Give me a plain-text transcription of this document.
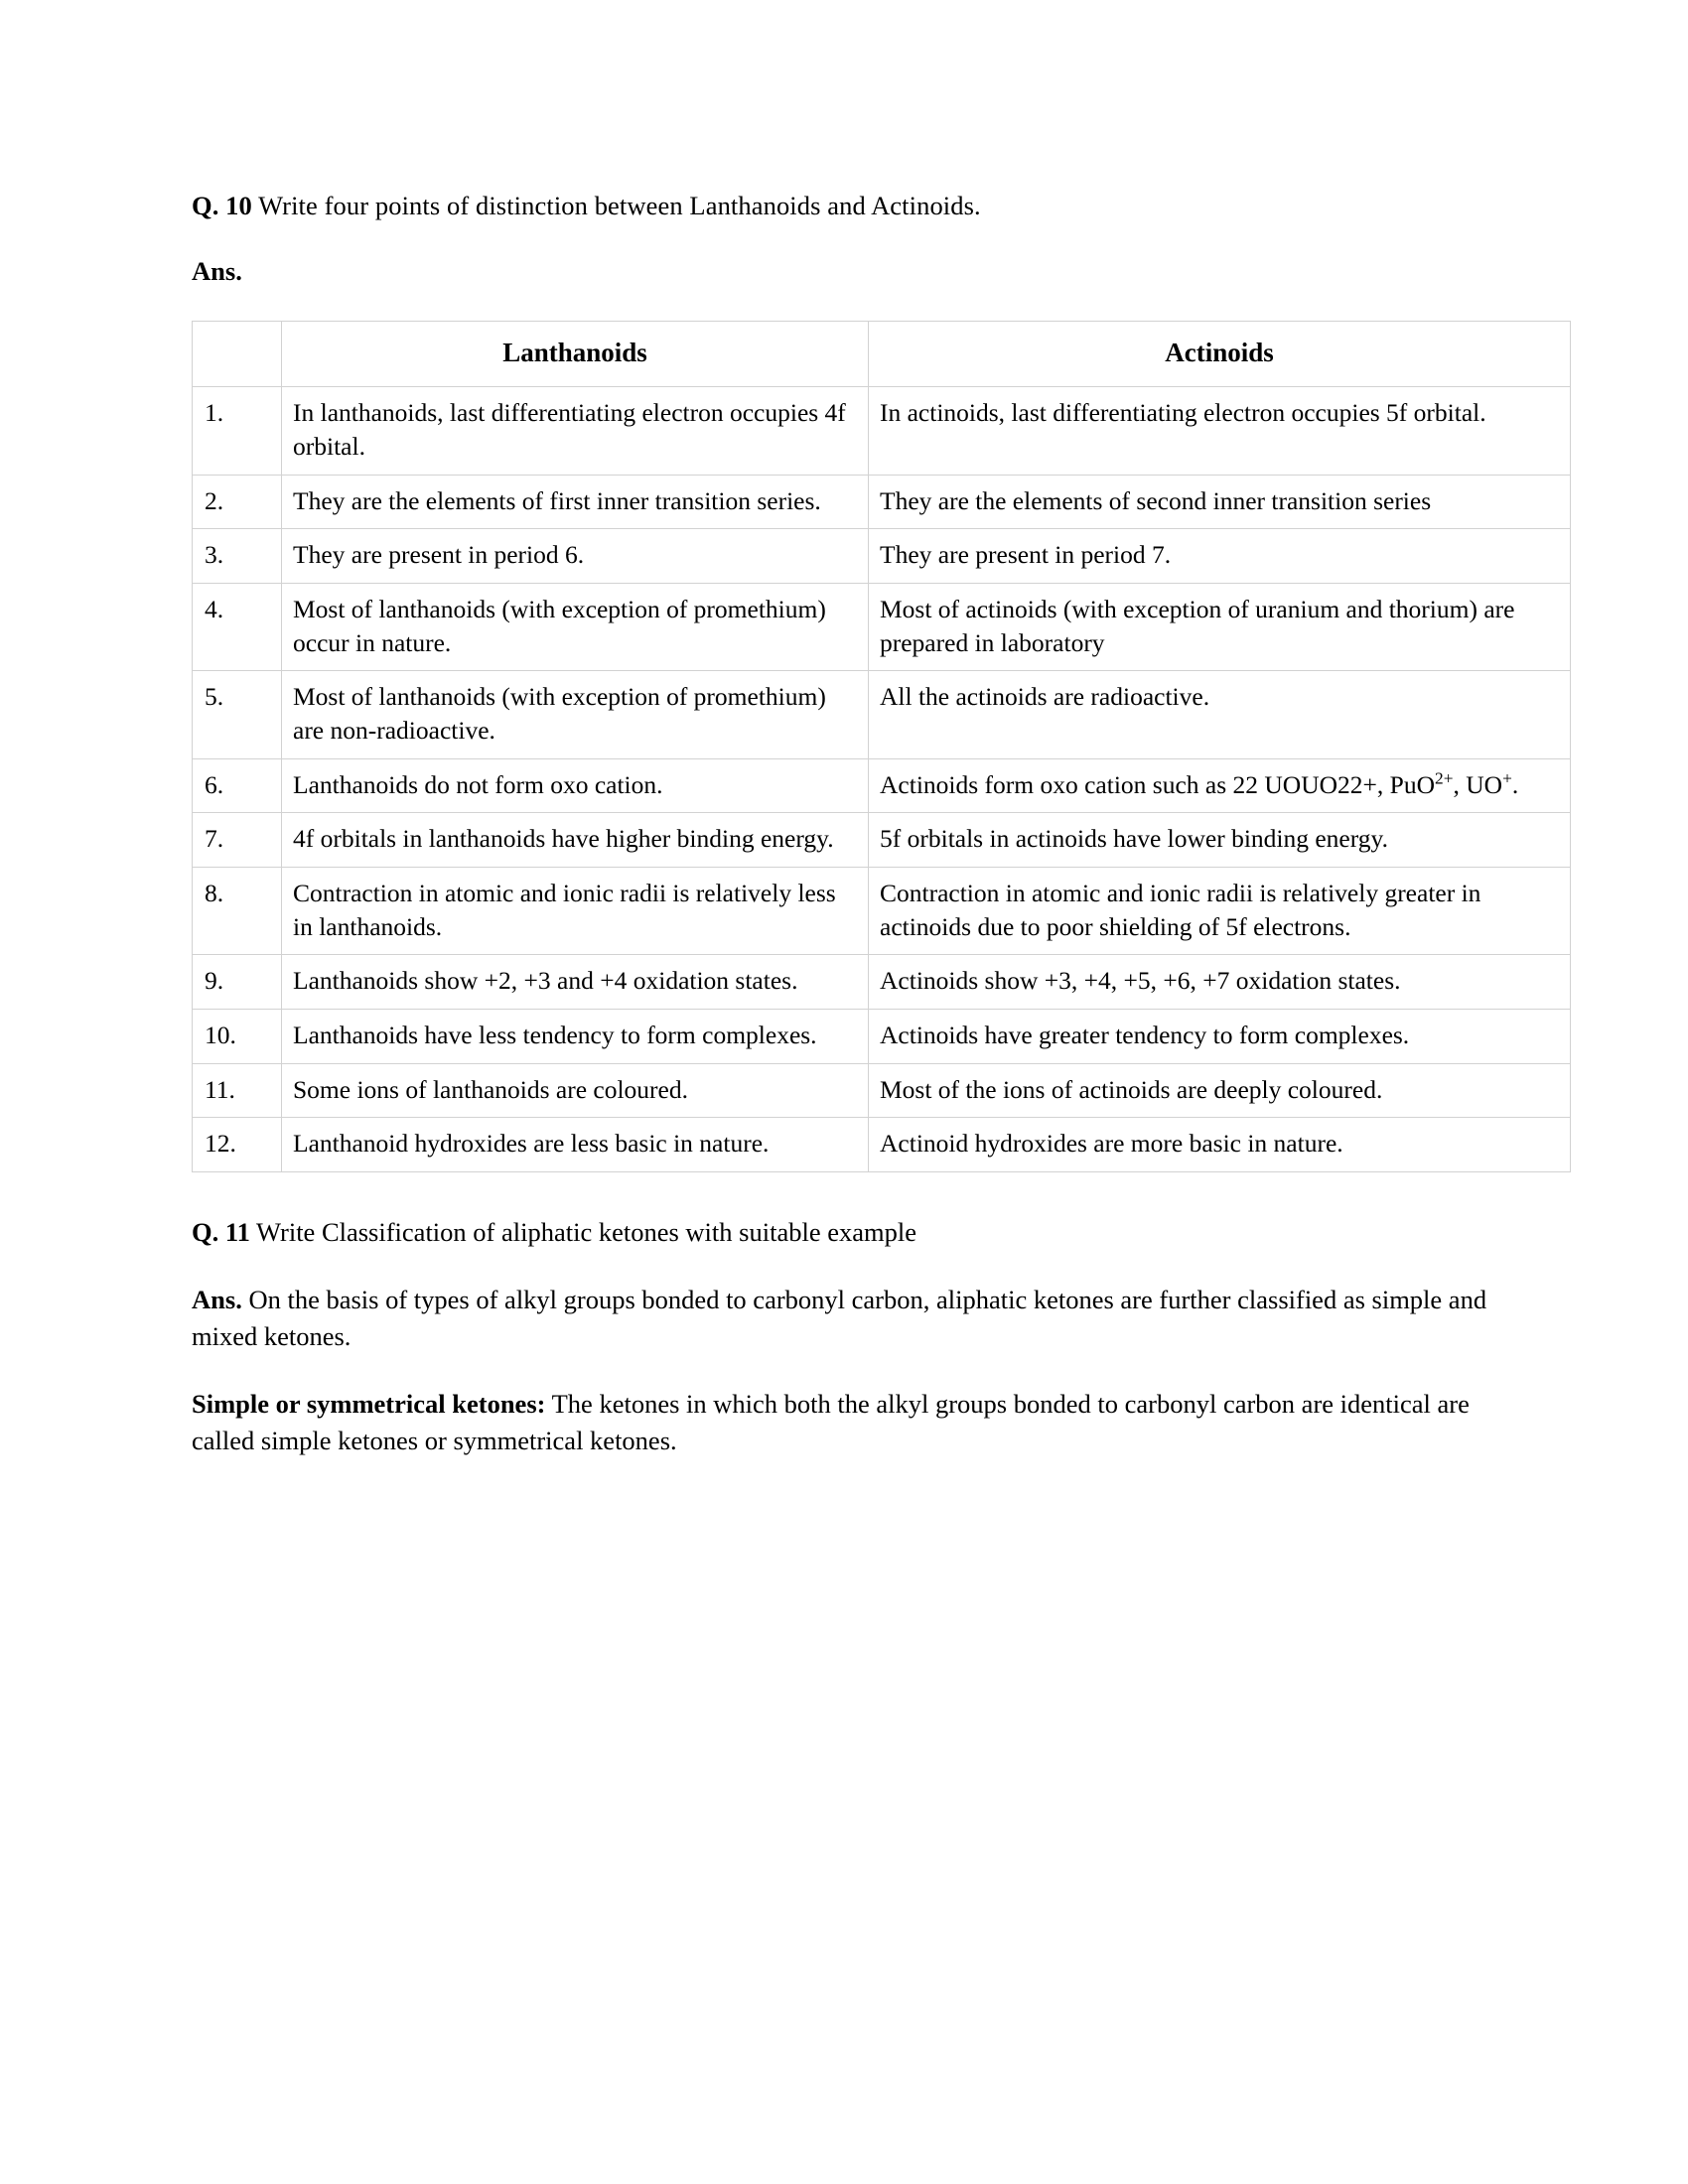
Q. 10 Write four points of distinction between Lanthanoids and Actinoids.

Ans.
	Lanthanoids	Actinoids
1.	In lanthanoids, last differentiating electron occupies 4f orbital.	In actinoids, last differentiating electron occupies 5f orbital.
2.	They are the elements of first inner transition series.	They are the elements of second inner transition series
3.	They are present in period 6.	They are present in period 7.
4.	Most of lanthanoids (with exception of promethium) occur in nature.	Most of actinoids (with exception of uranium and thorium) are prepared in laboratory
5.	Most of lanthanoids (with exception of promethium) are non-radioactive.	All the actinoids are radioactive.
6.	Lanthanoids do not form oxo cation.	Actinoids form oxo cation such as 22 UOUO22+, PuO$^{2+}$, UO+.
7.	4f orbitals in lanthanoids have higher binding energy.	5f orbitals in actinoids have lower binding energy.
8.	Contraction in atomic and ionic radii is relatively less in lanthanoids.	Contraction in atomic and ionic radii is relatively greater in actinoids due to poor shielding of 5f electrons.
9.	Lanthanoids show +2, +3 and +4 oxidation states.	Actinoids show +3, +4, +5, +6, +7 oxidation states.
10.	Lanthanoids have less tendency to form complexes.	Actinoids have greater tendency to form complexes.
11.	Some ions of lanthanoids are coloured.	Most of the ions of actinoids are deeply coloured.
12.	Lanthanoid hydroxides are less basic in nature.	Actinoid hydroxides are more basic in nature.

Q. 11 Write Classification of aliphatic ketones with suitable example

Ans. On the basis of types of alkyl groups bonded to carbonyl carbon, aliphatic ketones are further classified as simple and mixed ketones.

Simple or symmetrical ketones: The ketones in which both the alkyl groups bonded to carbonyl carbon are identical are called simple ketones or symmetrical ketones.
